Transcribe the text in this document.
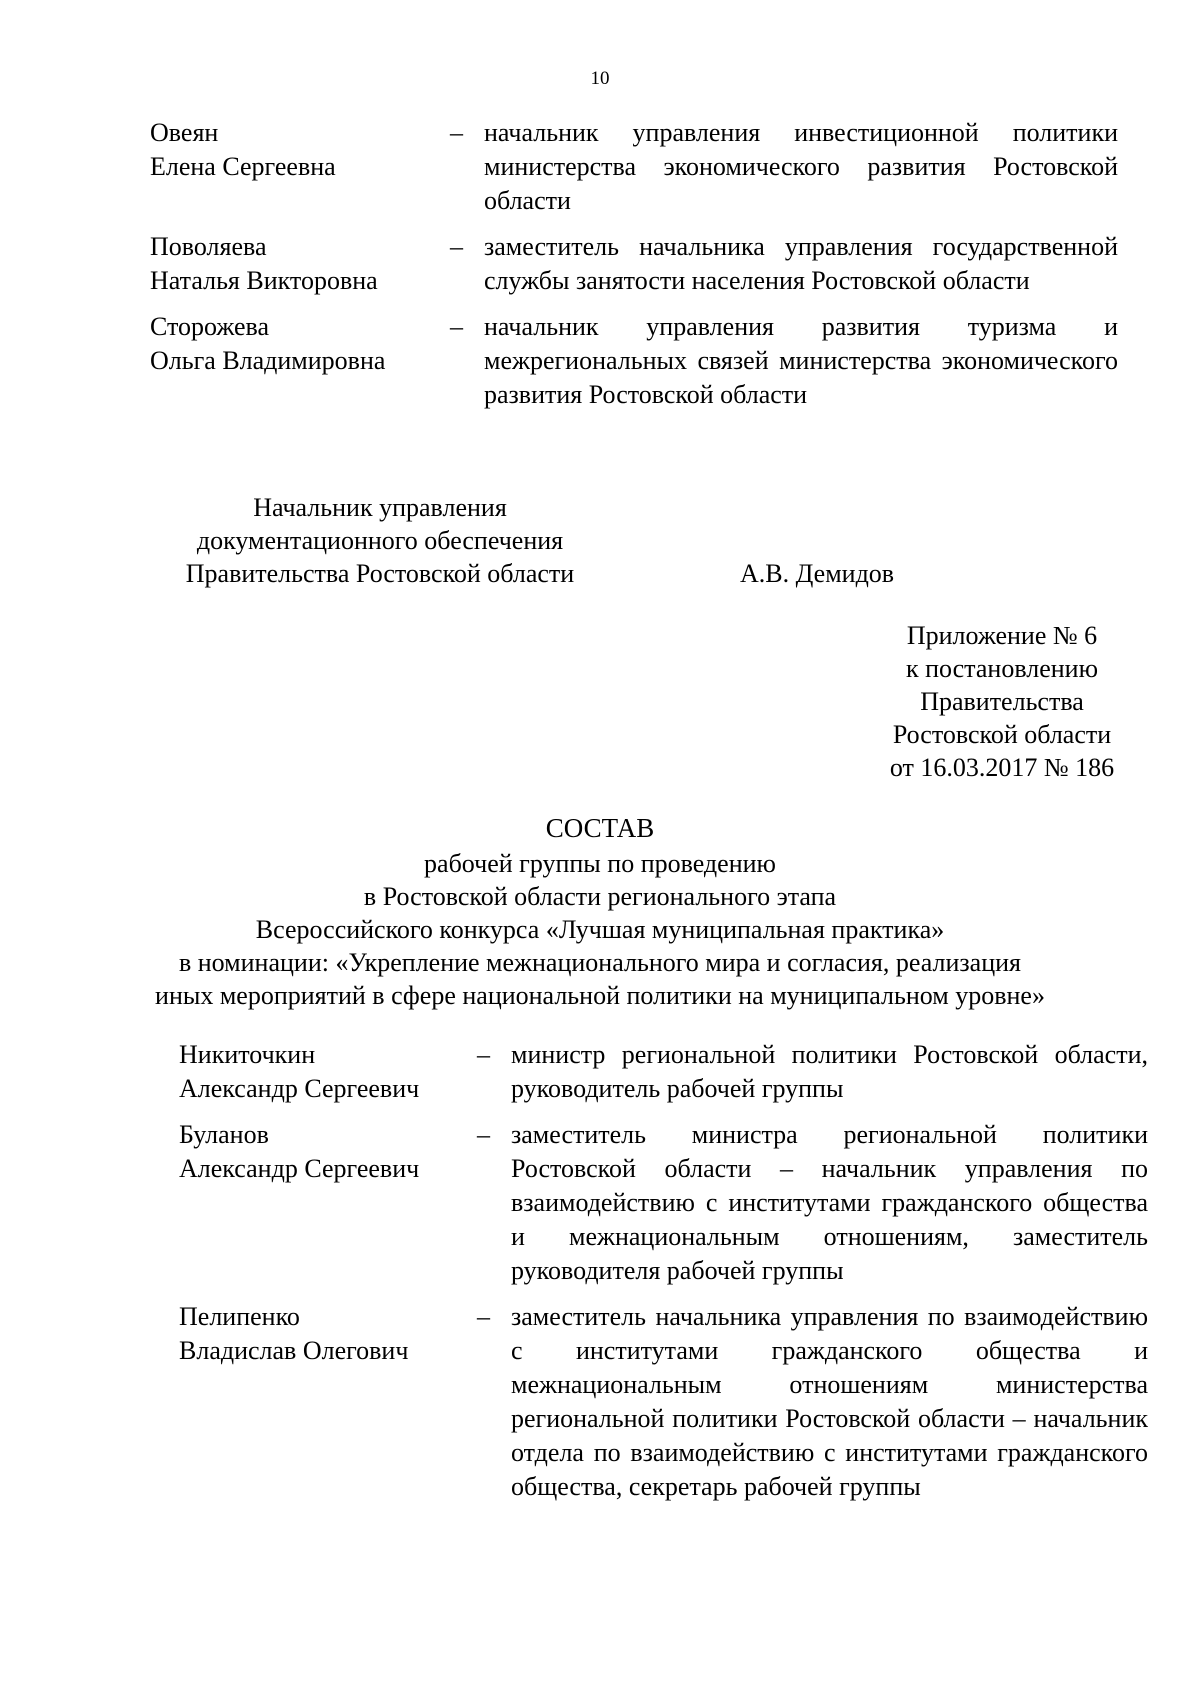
10
Овеян
Елена Сергеевна
– начальник управления инвестиционной политики министерства экономического развития Ростовской области
Поволяева
Наталья Викторовна
– заместитель начальника управления государственной службы занятости населения Ростовской области
Сторожева
Ольга Владимировна
– начальник управления развития туризма и межрегиональных связей министерства экономического развития Ростовской области
Начальник управления
документационного обеспечения
Правительства Ростовской области	А.В. Демидов
Приложение № 6
к постановлению
Правительства
Ростовской области
от 16.03.2017 № 186
СОСТАВ
рабочей группы по проведению
в Ростовской области регионального этапа
Всероссийского конкурса «Лучшая муниципальная практика»
в номинации: «Укрепление межнационального мира и согласия, реализация
иных мероприятий в сфере национальной политики на муниципальном уровне»
Никиточкин
Александр Сергеевич
– министр региональной политики Ростовской области, руководитель рабочей группы
Буланов
Александр Сергеевич
– заместитель министра региональной политики Ростовской области – начальник управления по взаимодействию с институтами гражданского общества и межнациональным отношениям, заместитель руководителя рабочей группы
Пелипенко
Владислав Олегович
– заместитель начальника управления по взаимодействию с институтами гражданского общества и межнациональным отношениям министерства региональной политики Ростовской области – начальник отдела по взаимодействию с институтами гражданского общества, секретарь рабочей группы
